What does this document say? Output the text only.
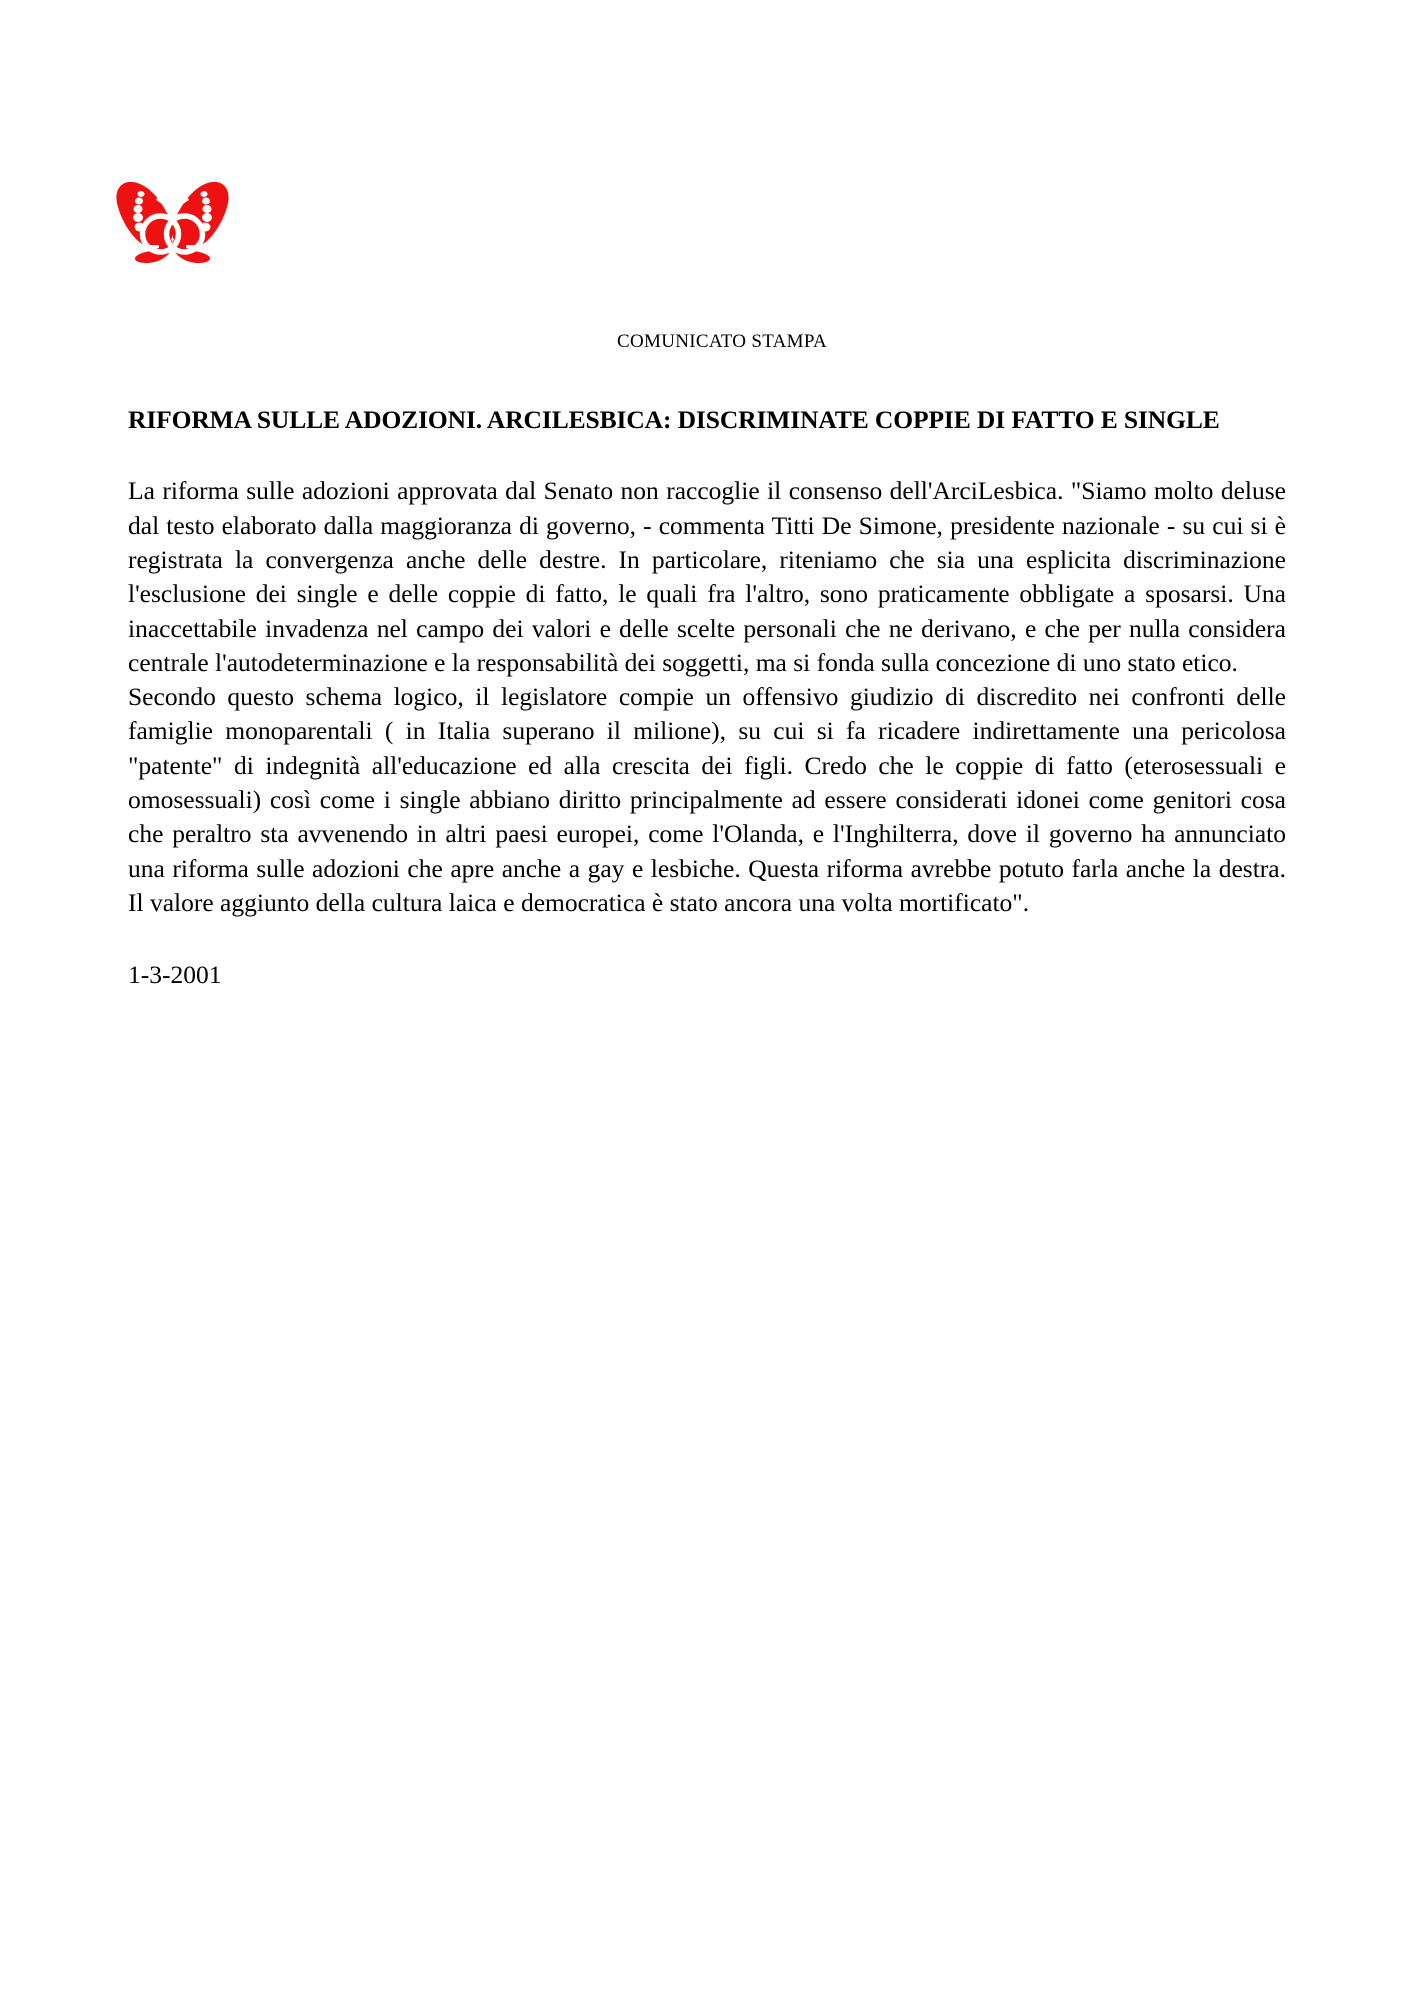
COMUNICATO STAMPA
RIFORMA SULLE ADOZIONI. ARCILESBICA: DISCRIMINATE COPPIE DI FATTO E SINGLE

La riforma sulle adozioni approvata dal Senato non raccoglie il consenso dell'ArciLesbica. "Siamo molto deluse dal testo elaborato dalla maggioranza di governo, - commenta Titti De Simone, presidente nazionale - su cui si è registrata la convergenza anche delle destre. In particolare, riteniamo che sia una esplicita discriminazione l'esclusione dei single e delle coppie di fatto, le quali fra l'altro, sono praticamente obbligate a sposarsi. Una inaccettabile invadenza nel campo dei valori e delle scelte personali che ne derivano, e che per nulla considera centrale l'autodeterminazione e la responsabilità dei soggetti, ma si fonda sulla concezione di uno stato etico.

Secondo questo schema logico, il legislatore compie un offensivo giudizio di discredito nei confronti delle famiglie monoparentali ( in Italia superano il milione), su cui si fa ricadere indirettamente una pericolosa "patente" di indegnità all'educazione ed alla crescita dei figli. Credo che le coppie di fatto (eterosessuali e omosessuali) così come i single abbiano diritto principalmente ad essere considerati idonei come genitori cosa che peraltro sta avvenendo in altri paesi europei, come l'Olanda, e l'Inghilterra, dove il governo ha annunciato una riforma sulle adozioni che apre anche a gay e lesbiche. Questa riforma avrebbe potuto farla anche la destra. Il valore aggiunto della cultura laica e democratica è stato ancora una volta mortificato".

1-3-2001
